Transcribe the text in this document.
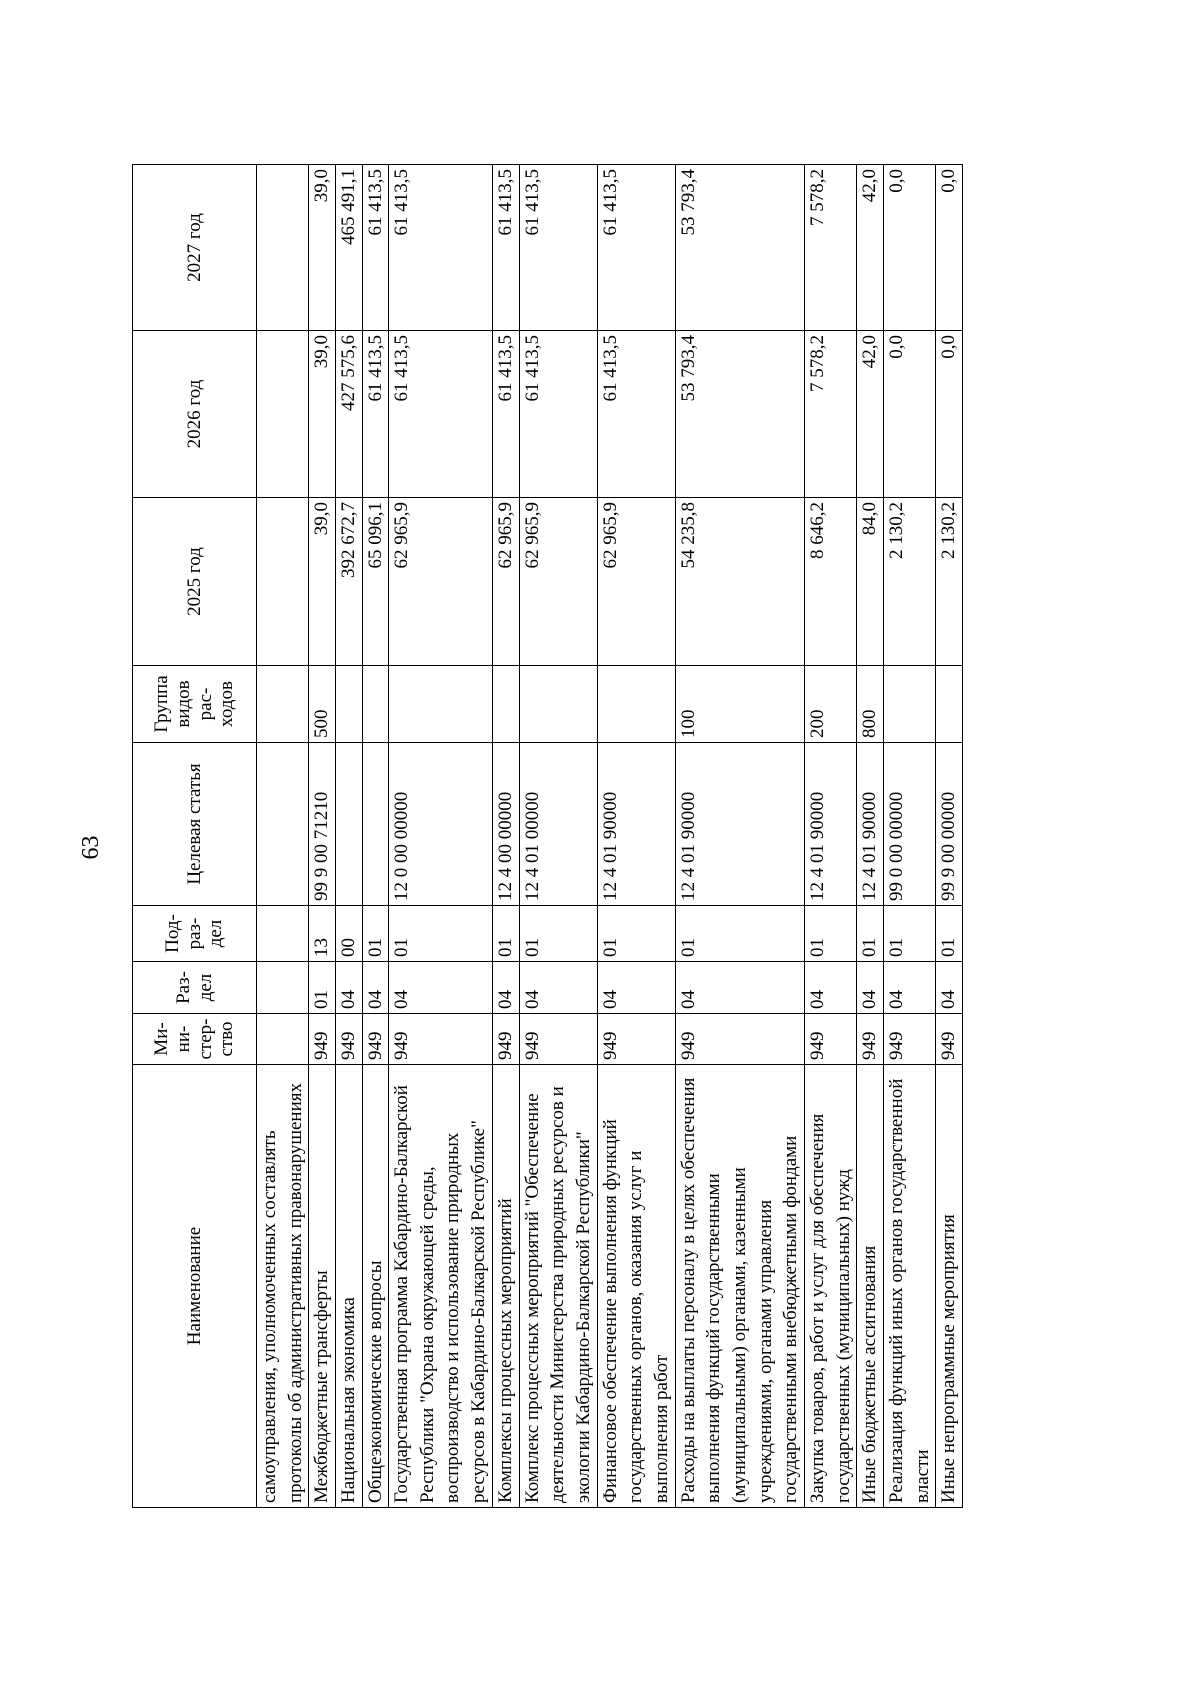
63
Наименование	Ми-
ни-
стер-
ство	Раз-
дел	Под-
раз-
дел	Целевая статья	Группа
видов
рас-
ходов	2025 год	2026 год	2027 год
самоуправления, уполномоченных составлять протоколы об административных правонарушениях								
Межбюджетные трансферты	949	01	13	99 9 00 71210	500	39,0	39,0	39,0
Национальная экономика	949	04	00			392 672,7	427 575,6	465 491,1
Общеэкономические вопросы	949	04	01			65 096,1	61 413,5	61 413,5
Государственная программа Кабардино-Балкарской Республики "Охрана окружающей среды, воспроизводство и использование природных ресурсов в Кабардино-Балкарской Республике"	949	04	01	12 0 00 00000		62 965,9	61 413,5	61 413,5
Комплексы процессных мероприятий	949	04	01	12 4 00 00000		62 965,9	61 413,5	61 413,5
Комплекс процессных мероприятий "Обеспечение деятельности Министерства природных ресурсов и экологии Кабардино-Балкарской Республики"	949	04	01	12 4 01 00000		62 965,9	61 413,5	61 413,5
Финансовое обеспечение выполнения функций государственных органов, оказания услуг и выполнения работ	949	04	01	12 4 01 90000		62 965,9	61 413,5	61 413,5
Расходы на выплаты персоналу в целях обеспечения выполнения функций государственными (муниципальными) органами, казенными учреждениями, органами управления государственными внебюджетными фондами	949	04	01	12 4 01 90000	100	54 235,8	53 793,4	53 793,4
Закупка товаров, работ и услуг для обеспечения государственных (муниципальных) нужд	949	04	01	12 4 01 90000	200	8 646,2	7 578,2	7 578,2
Иные бюджетные ассигнования	949	04	01	12 4 01 90000	800	84,0	42,0	42,0
Реализация функций иных органов государственной власти	949	04	01	99 0 00 00000		2 130,2	0,0	0,0
Иные непрограммные мероприятия	949	04	01	99 9 00 00000		2 130,2	0,0	0,0
